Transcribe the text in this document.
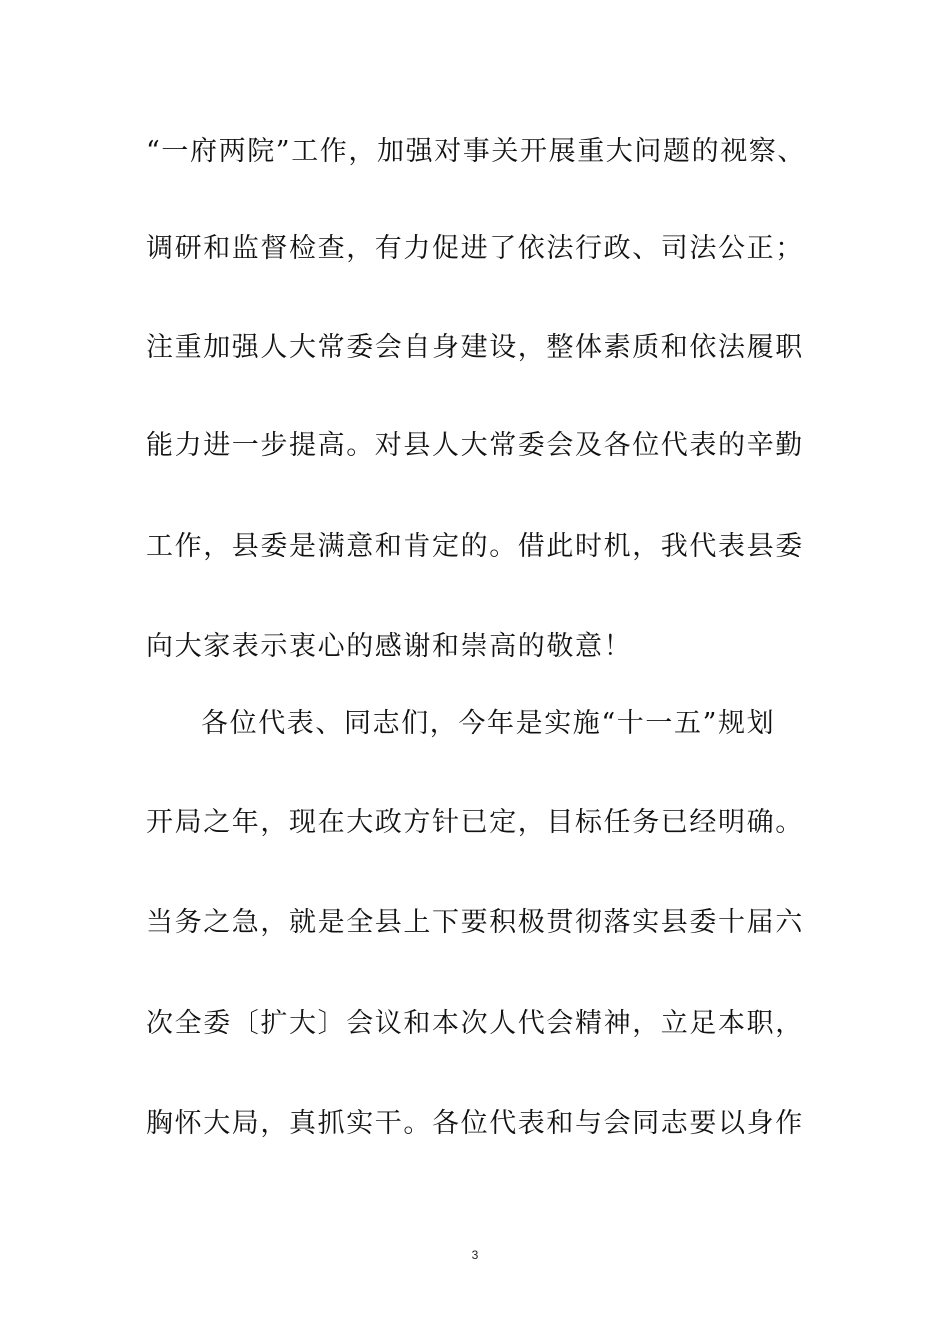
“一府两院”工作，加强对事关开展重大问题的视察、
调研和监督检查，有力促进了依法行政、司法公正；
注重加强人大常委会自身建设，整体素质和依法履职
能力进一步提高。对县人大常委会及各位代表的辛勤
工作，县委是满意和肯定的。借此时机，我代表县委
向大家表示衷心的感谢和崇高的敬意！
各位代表、同志们，今年是实施“十一五”规划
开局之年，现在大政方针已定，目标任务已经明确。
当务之急，就是全县上下要积极贯彻落实县委十届六
次全委〔扩大〕会议和本次人代会精神，立足本职，
胸怀大局，真抓实干。各位代表和与会同志要以身作
3
